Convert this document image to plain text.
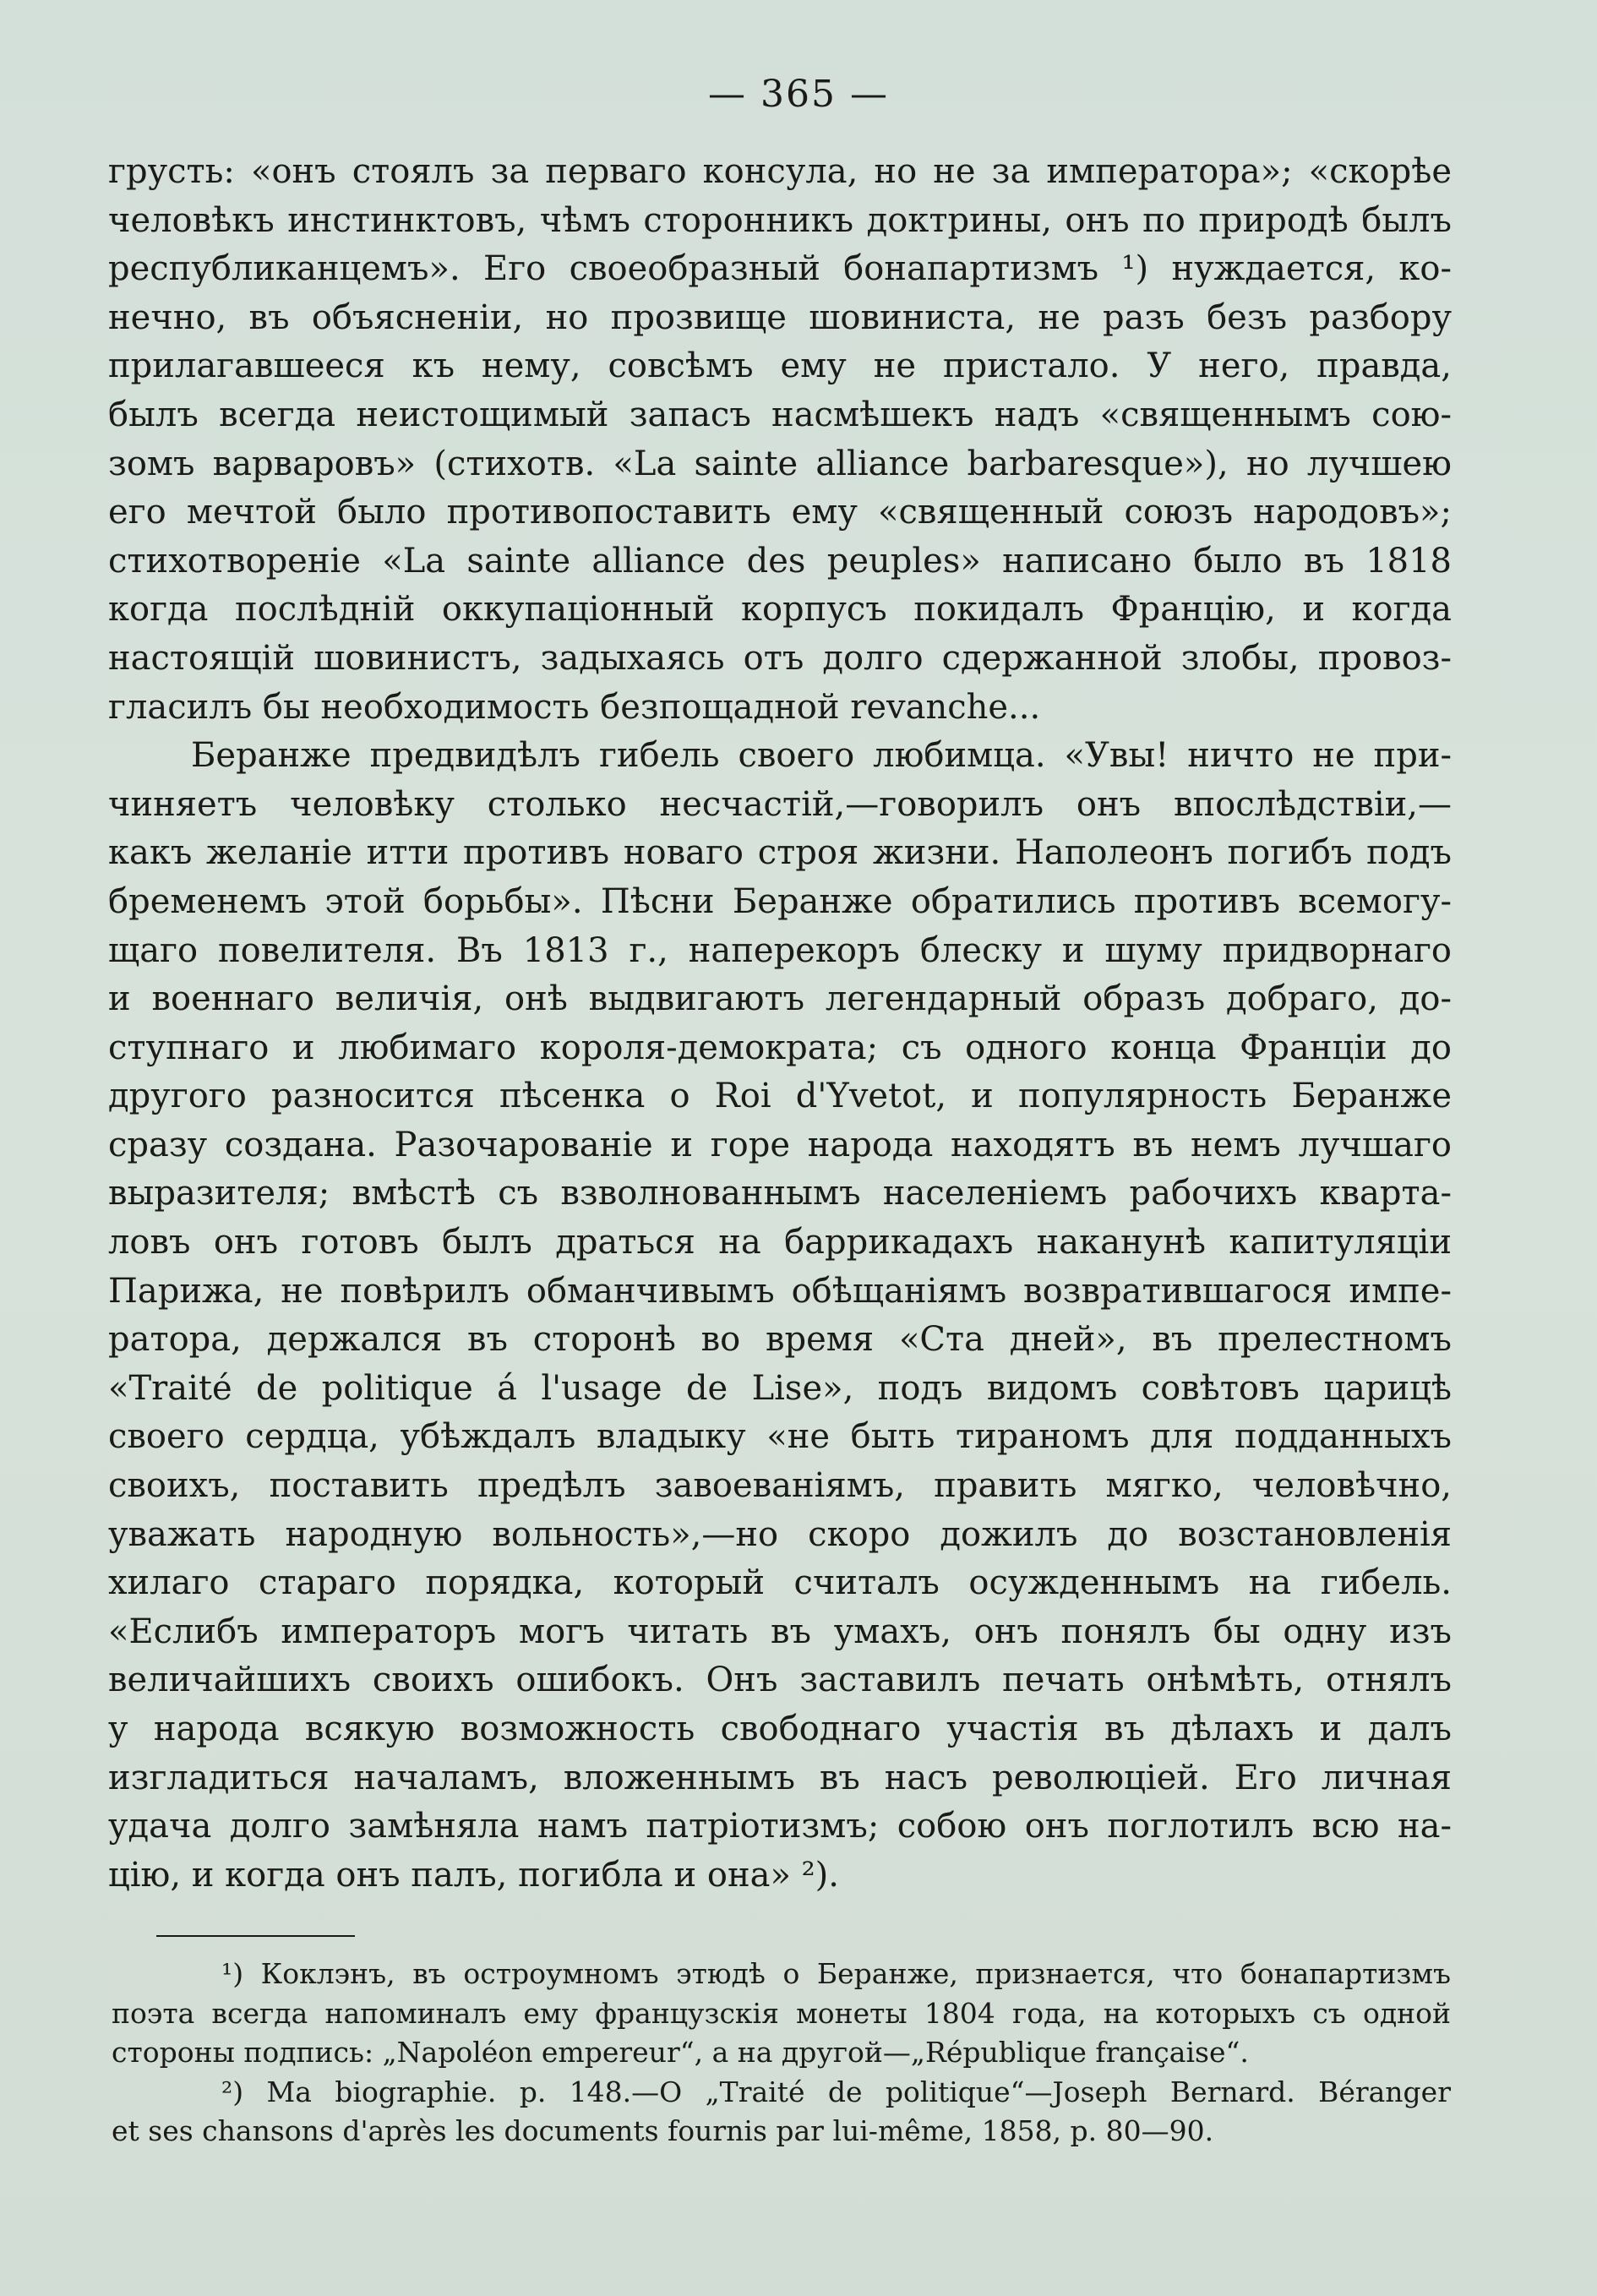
— 365 —

грусть: «онъ стоялъ за перваго консула, но не за императора»; «скорѣе
человѣкъ инстинктовъ, чѣмъ сторонникъ доктрины, онъ по природѣ былъ
республиканцемъ». Его своеобразный бонапартизмъ ¹) нуждается, ко-
нечно, въ объясненіи, но прозвище шовиниста, не разъ безъ разбору
прилагавшееся къ нему, совсѣмъ ему не пристало. У него, правда,
былъ всегда неистощимый запасъ насмѣшекъ надъ «священнымъ сою-
зомъ варваровъ» (стихотв. «La sainte alliance barbaresque»), но лучшею
его мечтой было противопоставить ему «священный союзъ народовъ»;
стихотвореніе «La sainte alliance des peuples» написано было въ 1818
когда послѣдній оккупаціонный корпусъ покидалъ Францію, и когда
настоящій шовинистъ, задыхаясь отъ долго сдержанной злобы, провоз-
гласилъ бы необходимость безпощадной revanche...

Беранже предвидѣлъ гибель своего любимца. «Увы! ничто не при-
чиняетъ человѣку столько несчастій,—говорилъ онъ впослѣдствіи,—
какъ желаніе итти противъ новаго строя жизни. Наполеонъ погибъ подъ
бременемъ этой борьбы». Пѣсни Беранже обратились противъ всемогу-
щаго повелителя. Въ 1813 г., наперекоръ блеску и шуму придворнаго
и военнаго величія, онѣ выдвигаютъ легендарный образъ добраго, до-
ступнаго и любимаго короля-демократа; съ одного конца Франціи до
другого разносится пѣсенка о Roi d'Yvetot, и популярность Беранже
сразу создана. Разочарованіе и горе народа находятъ въ немъ лучшаго
выразителя; вмѣстѣ съ взволнованнымъ населеніемъ рабочихъ кварта-
ловъ онъ готовъ былъ драться на баррикадахъ наканунѣ капитуляціи
Парижа, не повѣрилъ обманчивымъ обѣщаніямъ возвратившагося импе-
ратора, держался въ сторонѣ во время «Ста дней», въ прелестномъ
«Traité de politique á l'usage de Lise», подъ видомъ совѣтовъ царицѣ
своего сердца, убѣждалъ владыку «не быть тираномъ для подданныхъ
своихъ, поставить предѣлъ завоеваніямъ, править мягко, человѣчно,
уважать народную вольность»,—но скоро дожилъ до возстановленія
хилаго стараго порядка, который считалъ осужденнымъ на гибель.
«Еслибъ императоръ могъ читать въ умахъ, онъ понялъ бы одну изъ
величайшихъ своихъ ошибокъ. Онъ заставилъ печать онѣмѣть, отнялъ
у народа всякую возможность свободнаго участія въ дѣлахъ и далъ
изгладиться началамъ, вложеннымъ въ насъ революціей. Его личная
удача долго замѣняла намъ патріотизмъ; собою онъ поглотилъ всю на-
цію, и когда онъ палъ, погибла и она» ²).

¹) Коклэнъ, въ остроумномъ этюдѣ о Беранже, признается, что бонапартизмъ
поэта всегда напоминалъ ему французскія монеты 1804 года, на которыхъ съ одной
стороны подпись: „Napoléon empereur“, а на другой—„République française“.

²) Ma biographie. p. 148.—О „Traité de politique“—Joseph Bernard. Béranger
et ses chansons d'après les documents fournis par lui-même, 1858, p. 80—90.
